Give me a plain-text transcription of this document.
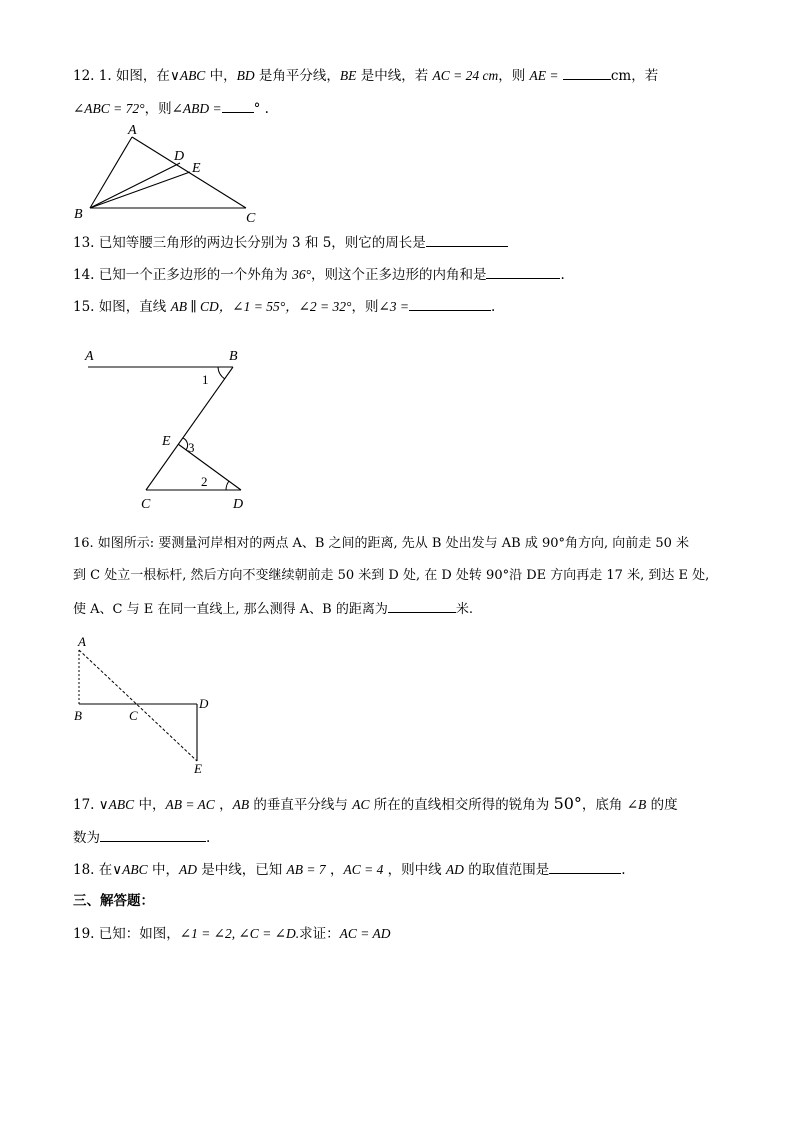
12. 1. 如图，在∨ABC 中，BD 是角平分线，BE 是中线，若 AC = 24 cm，则 AE =	cm，若
∠ABC = 72°，则∠ABD = ° .
A
D
E
B	C
13. 已知等腰三角形的两边长分别为 3 和 5，则它的周长是
14. 已知一个正多边形的一个外角为 36°，则这个正多边形的内角和是	.
15. 如图，直线 AB ∥ CD，∠1 = 55°，∠2 = 32°，则∠3 =	.
A	B
1
E 3
C
2
D
16. 如图所示: 要测量河岸相对的两点 A、B 之间的距离, 先从 B 处出发与 AB 成 90°角方向, 向前走 50 米
到 C 处立一根标杆, 然后方向不变继续朝前走 50 米到 D 处, 在 D 处转 90°沿 DE 方向再走 17 米, 到达 E 处,
使 A、C 与 E 在同一直线上, 那么测得 A、B 的距离为	米.
A
B	C
D
E
17. ∨ABC 中，AB = AC ，AB 的垂直平分线与 AC 所在的直线相交所得的锐角为 50°，底角 ∠B 的度
数为	.
18. 在∨ABC 中，AD 是中线，已知 AB = 7 ，AC = 4 ，则中线 AD 的取值范围是	.
三、解答题：
19. 已知：如图，∠1 = ∠2, ∠C = ∠D.求证：AC = AD
